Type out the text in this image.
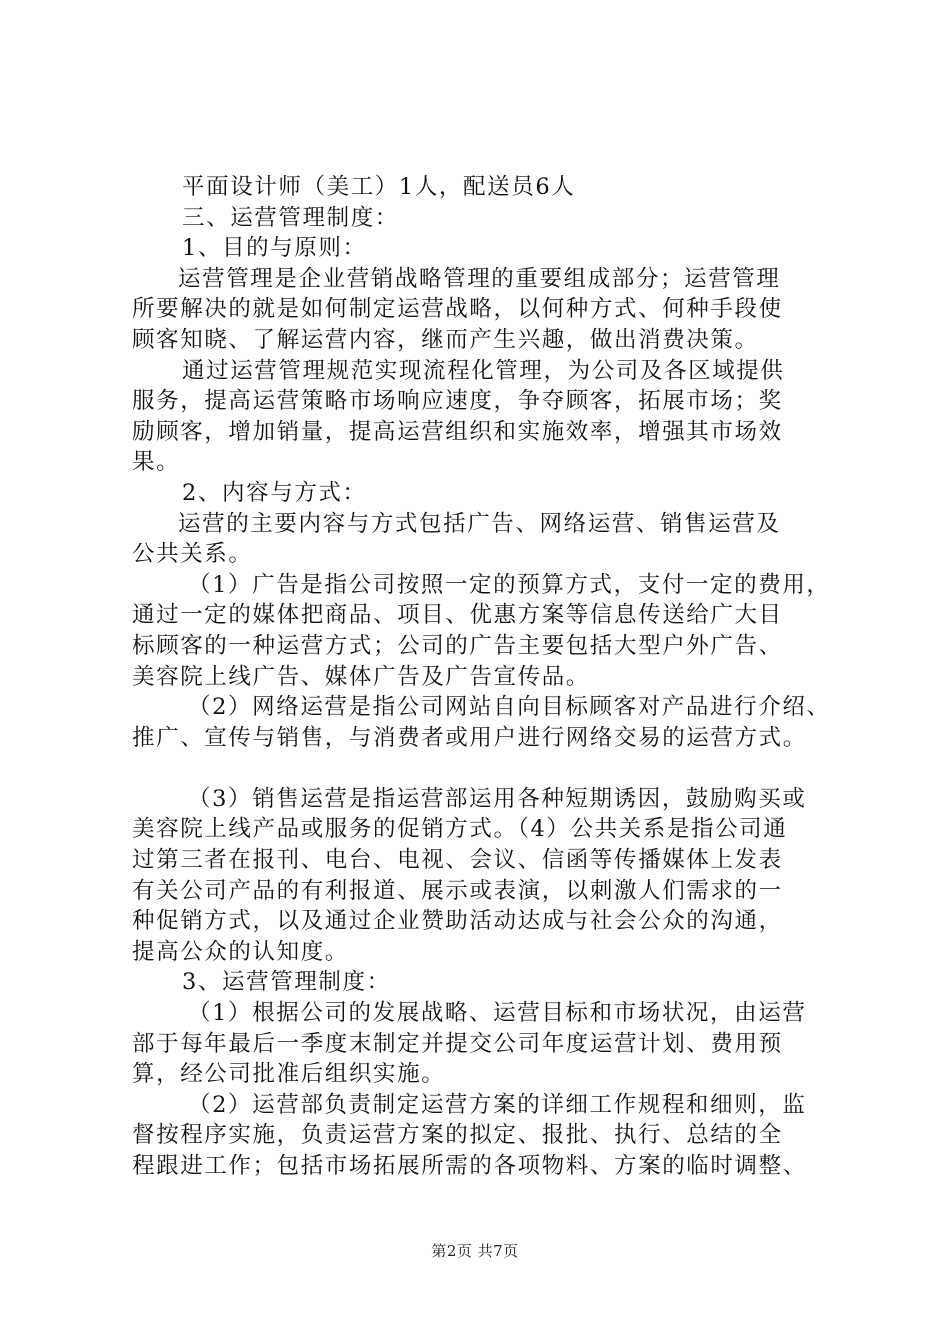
平面设计师（美工）1人，配送员6人
三、运营管理制度：
1、目的与原则：
运营管理是企业营销战略管理的重要组成部分；运营管理
所要解决的就是如何制定运营战略，以何种方式、何种手段使
顾客知晓、了解运营内容，继而产生兴趣，做出消费决策。
通过运营管理规范实现流程化管理，为公司及各区域提供
服务，提高运营策略市场响应速度，争夺顾客，拓展市场；奖
励顾客，增加销量，提高运营组织和实施效率，增强其市场效
果。
2、内容与方式：
运营的主要内容与方式包括广告、网络运营、销售运营及
公共关系。
（1）广告是指公司按照一定的预算方式，支付一定的费用，
通过一定的媒体把商品、项目、优惠方案等信息传送给广大目
标顾客的一种运营方式；公司的广告主要包括大型户外广告、
美容院上线广告、媒体广告及广告宣传品。
（2）网络运营是指公司网站自向目标顾客对产品进行介绍、
推广、宣传与销售，与消费者或用户进行网络交易的运营方式。
（3）销售运营是指运营部运用各种短期诱因，鼓励购买或
美容院上线产品或服务的促销方式。（4）公共关系是指公司通
过第三者在报刊、电台、电视、会议、信函等传播媒体上发表
有关公司产品的有利报道、展示或表演，以刺激人们需求的一
种促销方式，以及通过企业赞助活动达成与社会公众的沟通，
提高公众的认知度。
3、运营管理制度：
（1）根据公司的发展战略、运营目标和市场状况，由运营
部于每年最后一季度末制定并提交公司年度运营计划、费用预
算，经公司批准后组织实施。
（2）运营部负责制定运营方案的详细工作规程和细则，监
督按程序实施，负责运营方案的拟定、报批、执行、总结的全
程跟进工作；包括市场拓展所需的各项物料、方案的临时调整、
第2页 共7页
